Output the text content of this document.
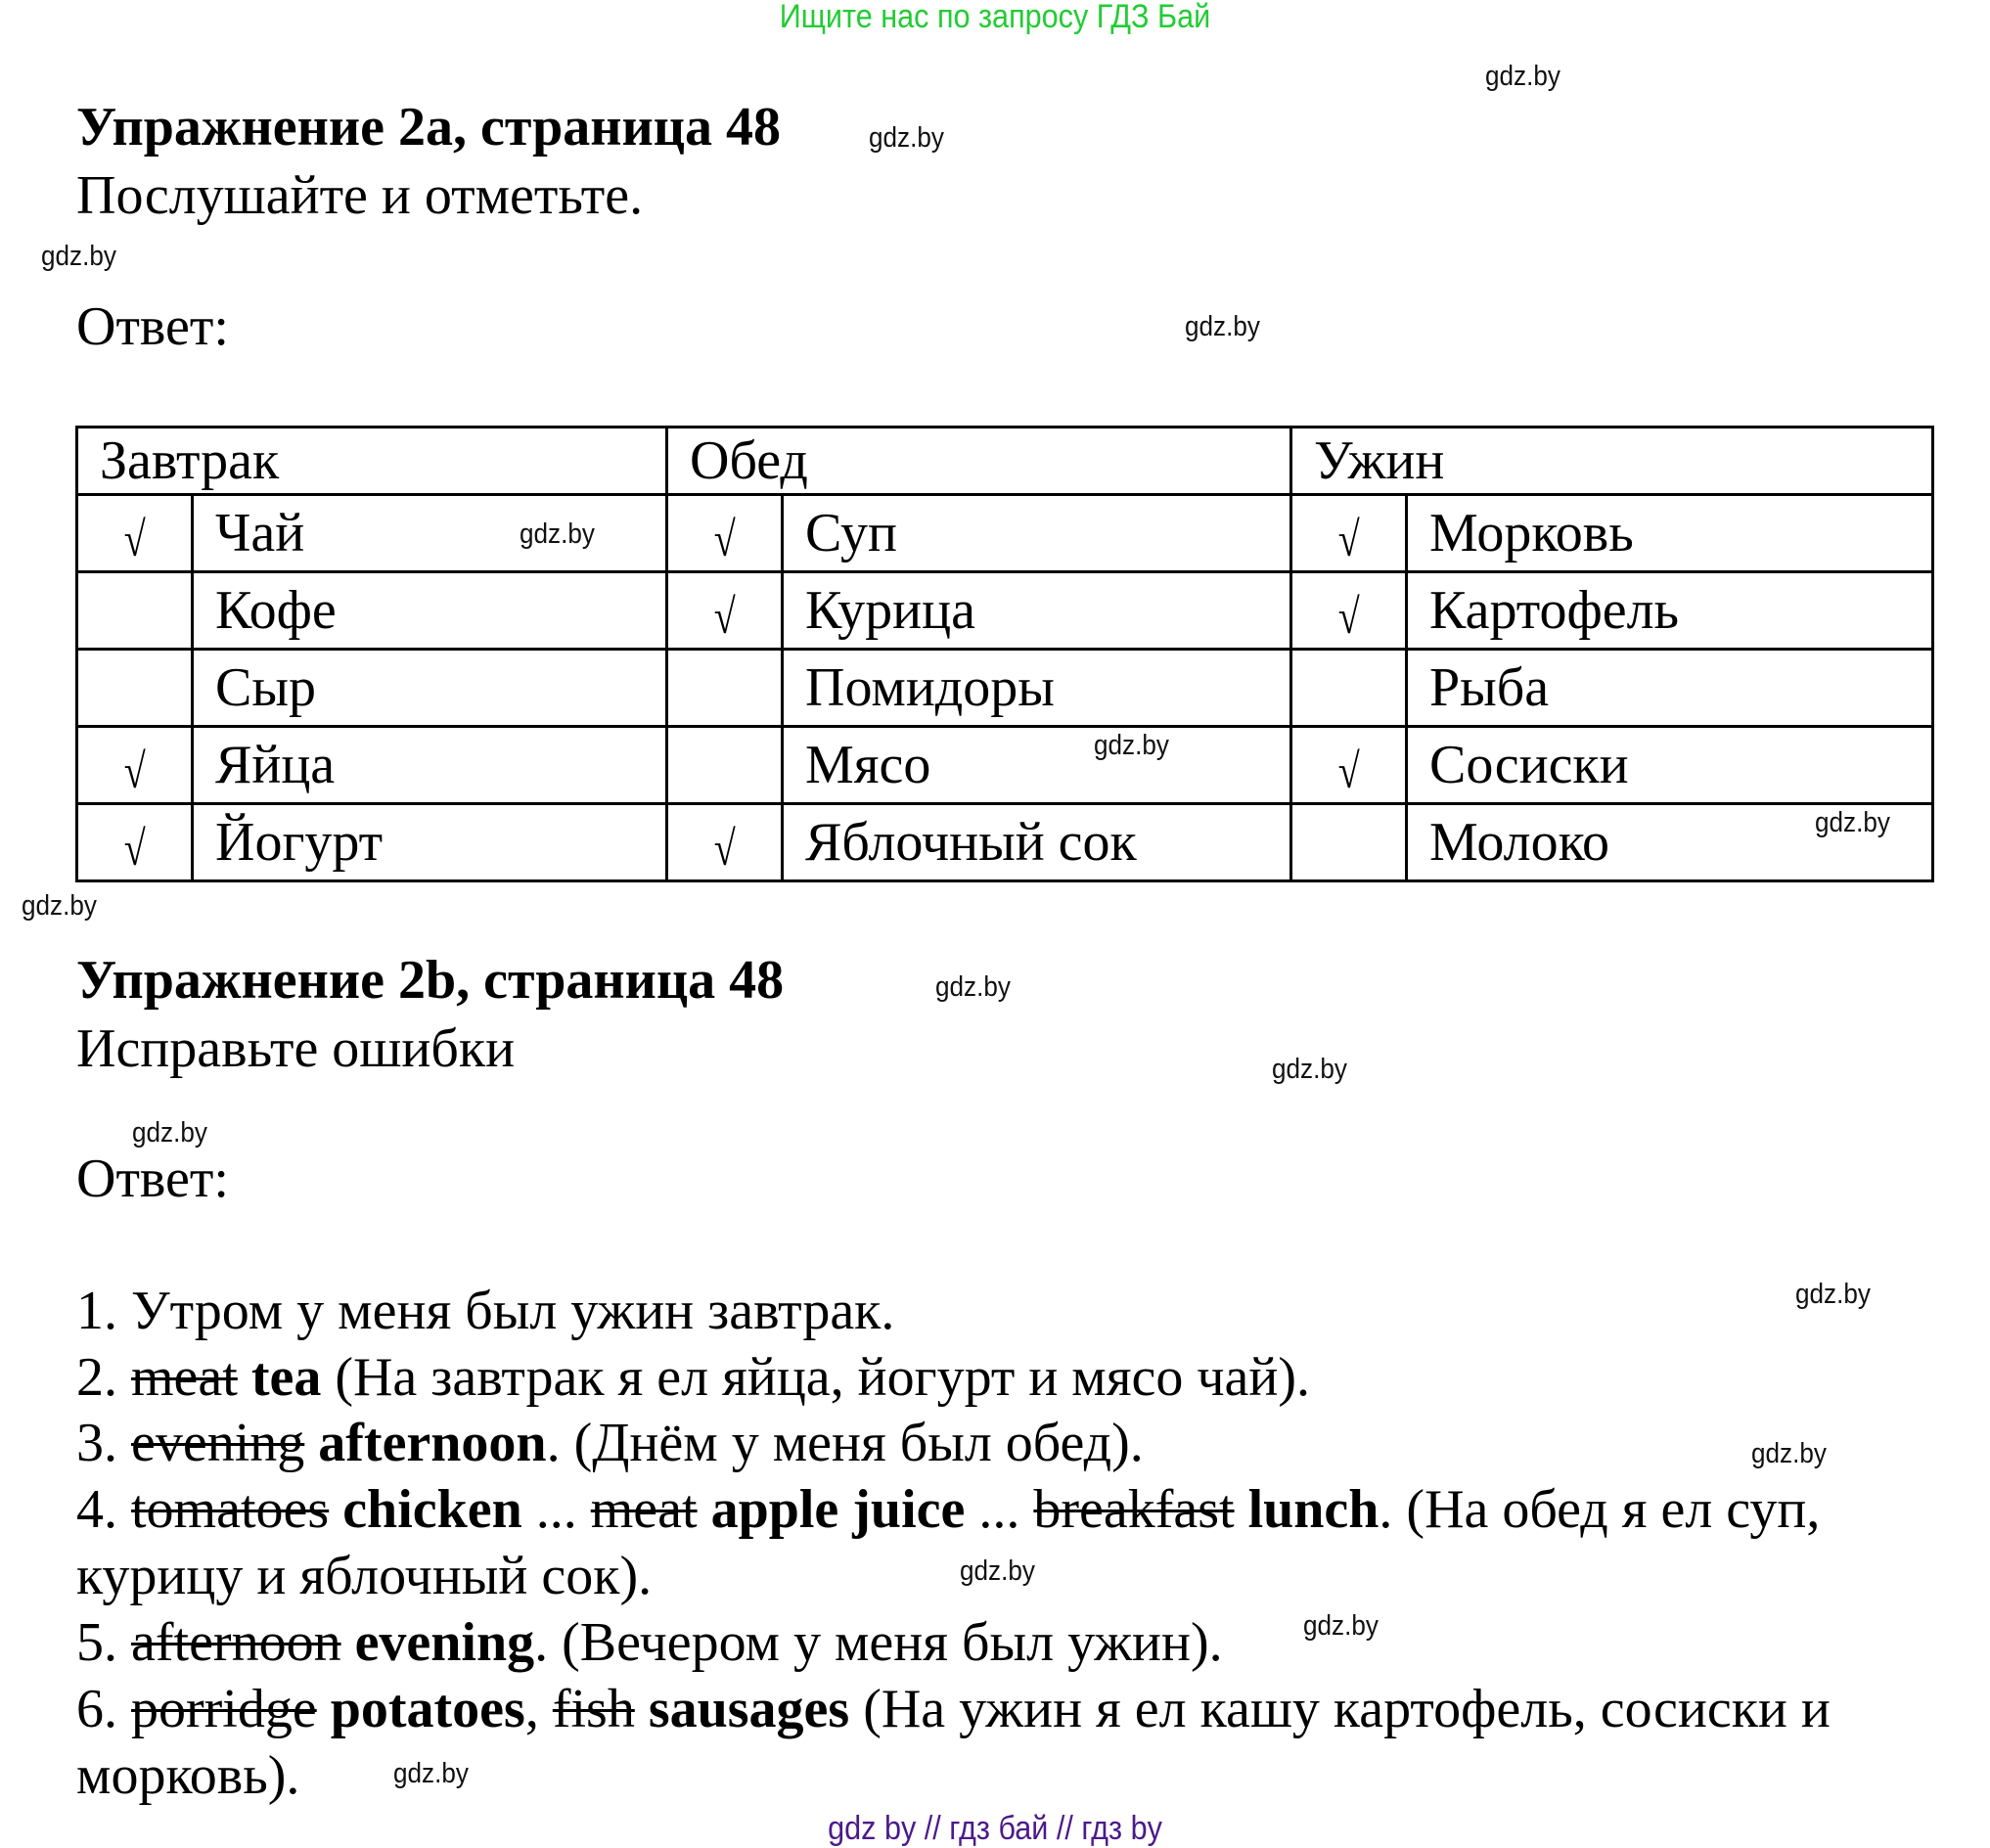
Ищите нас по запросу ГДЗ Бай
gdz.by
gdz.by
gdz.by
gdz.by
gdz.by
gdz.by
gdz.by
gdz.by
gdz.by
gdz.by
gdz.by
gdz.by
gdz.by
gdz.by
gdz.by
gdz.by
Упражнение 2a, страница 48
Послушайте и отметьте.
Ответ:
Завтрак		Обед		Ужин	
√	Чай	√	Суп	√	Морковь
	Кофе	√	Курица	√	Картофель
	Сыр		Помидоры		Рыба
√	Яйца		Мясо	√	Сосиски
√	Йогурт	√	Яблочный сок		Молоко
Упражнение 2b, страница 48
Исправьте ошибки
Ответ:
1. Утром у меня был ужин завтрак.
2. meat tea (На завтрак я ел яйца, йогурт и мясо чай).
3. evening afternoon. (Днём у меня был обед).
4. tomatoes chicken ... meat apple juice ... breakfast lunch. (На обед я ел суп,
курицу и яблочный сок).
5. afternoon evening. (Вечером у меня был ужин).
6. porridge potatoes, fish sausages (На ужин я ел кашу картофель, сосиски и
морковь).
gdz by // гдз бай // гдз by
